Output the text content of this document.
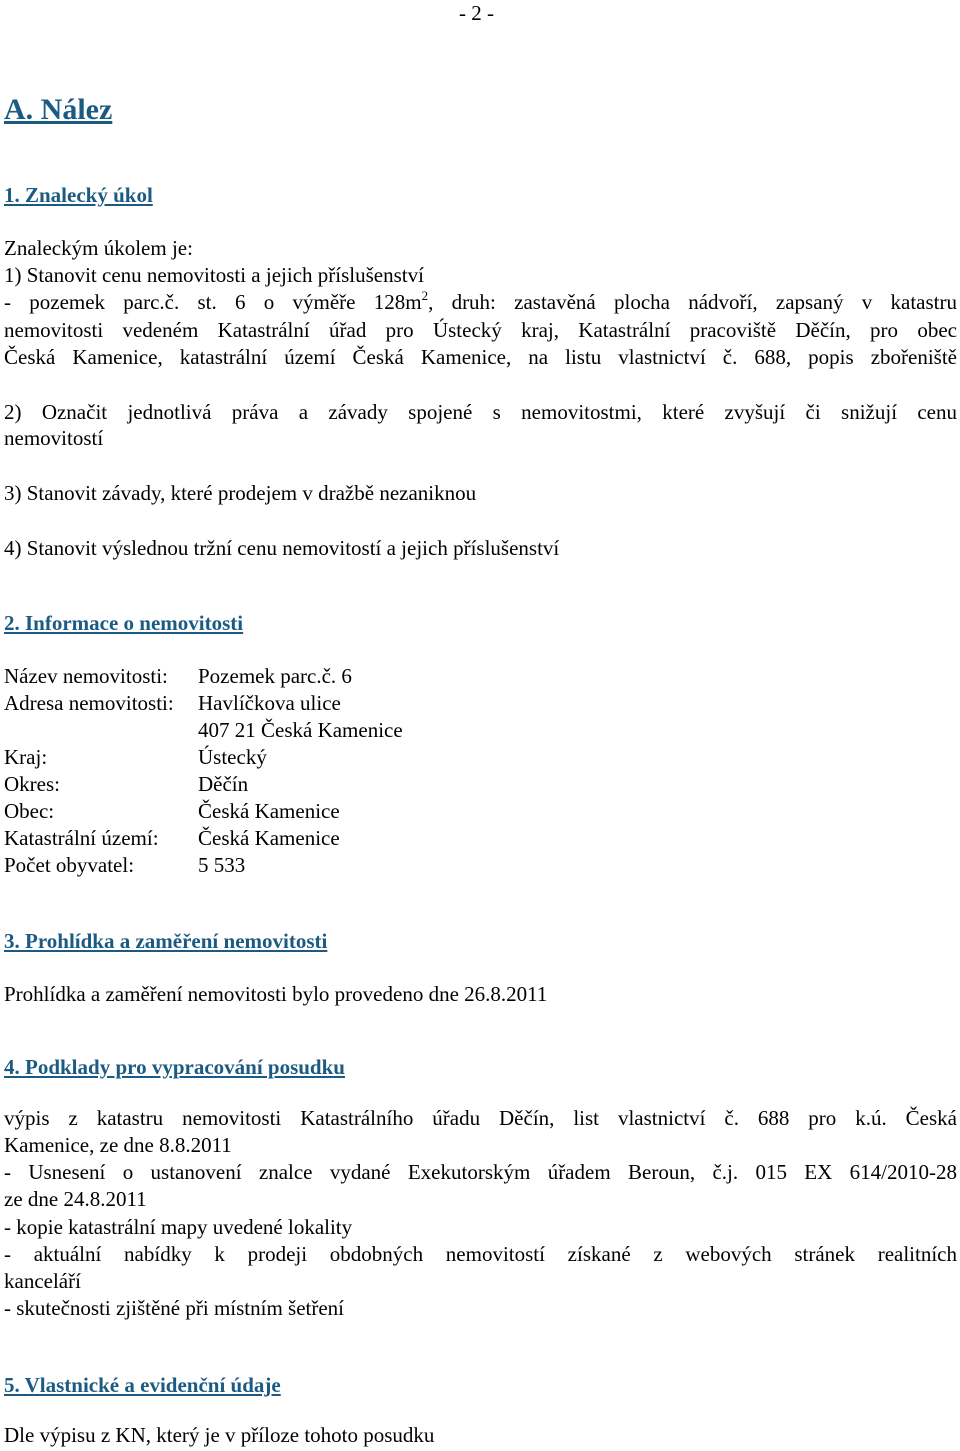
- 2 -
A. Nález
1. Znalecký úkol
Znaleckým úkolem je:
1) Stanovit cenu nemovitosti a jejich příslušenství
- pozemek parc.č. st. 6 o výměře $128m^2$, druh: zastavěná plocha nádvoří, zapsaný v katastru
nemovitosti vedeném Katastrální úřad pro Ústecký kraj, Katastrální pracoviště Děčín, pro obec
Česká Kamenice, katastrální území Česká Kamenice, na listu vlastnictví č. 688, popis zbořeniště
2) Označit jednotlivá práva a závady spojené s nemovitostmi, které zvyšují či snižují cenu
nemovitostí
3) Stanovit závady, které prodejem v dražbě nezaniknou
4) Stanovit výslednou tržní cenu nemovitostí a jejich příslušenství
2. Informace o nemovitosti
Název nemovitosti: Pozemek parc.č. 6
Adresa nemovitosti: Havlíčkova ulice
407 21 Česká Kamenice
Kraj:	Ústecký
Okres:	Děčín
Obec:	Česká Kamenice
Katastrální území: Česká Kamenice
Počet obyvatel:	5 533
3. Prohlídka a zaměření nemovitosti
Prohlídka a zaměření nemovitosti bylo provedeno dne 26.8.2011
4. Podklady pro vypracování posudku
výpis z katastru nemovitosti Katastrálního úřadu Děčín, list vlastnictví č. 688 pro k.ú. Česká
Kamenice, ze dne 8.8.2011
- Usnesení o ustanovení znalce vydané Exekutorským úřadem Beroun, č.j. 015 EX 614/2010-28
ze dne 24.8.2011
- kopie katastrální mapy uvedené lokality
- aktuální nabídky k prodeji obdobných nemovitostí získané z webových stránek realitních
kanceláří
- skutečnosti zjištěné při místním šetření
5. Vlastnické a evidenční údaje
Dle výpisu z KN, který je v příloze tohoto posudku
